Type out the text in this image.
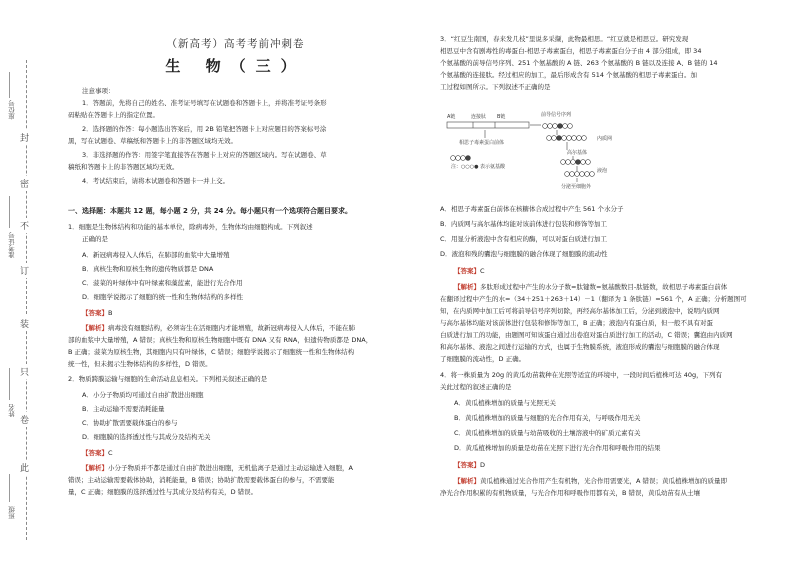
封
密
不
订
装
只
卷
此
座位号
准考证号
姓名
班级
（新高考）高考考前冲刺卷
生 物（三）
注意事项：
1．答题前，先将自己的姓名、准考证号填写在试题卷和答题卡上，并将准考证号条形
码粘贴在答题卡上的指定位置。
2．选择题的作答：每小题选出答案后，用 2B 铅笔把答题卡上对应题目的答案标号涂
黑，写在试题卷、草稿纸和答题卡上的非答题区域均无效。
3．非选择题的作答：用签字笔直接答在答题卡上对应的答题区域内。写在试题卷、草
稿纸和答题卡上的非答题区域均无效。
4．考试结束后，请将本试题卷和答题卡一并上交。
一、选择题：本题共 12 题，每小题 2 分，共 24 分。每小题只有一个选项符合题目要求。
1．细胞是生物体结构和功能的基本单位，除病毒外，生物体均由细胞构成。下列叙述
正确的是
A．新冠病毒侵入人体后，在肺部的血浆中大量增殖
B．真核生物和原核生物的遗传物质都是 DNA
C．菠菜的叶绿体中有叶绿素和藻蓝素，能进行光合作用
D．细胞学说揭示了细胞的统一性和生物体结构的多样性
【答案】B
【解析】病毒没有细胞结构，必须寄生在活细胞内才能增殖，故新冠病毒侵入人体后，不能在肺
部的血浆中大量增殖，A 错误；真核生物和原核生物细胞中既有 DNA 又有 RNA，但遗传物质都是 DNA，
B 正确；菠菜为原核生物，其细胞内只有叶绿体，C 错误；细胞学说揭示了细胞统一性和生物体结构
统一性，但未揭示生物体结构的多样性，D 错误。
2．物质跨膜运输与细胞的生命活动息息相关。下列相关叙述正确的是
A．小分子物质均可通过自由扩散进出细胞
B．主动运输不需要消耗能量
C．协助扩散需要载体蛋白的参与
D．细胞膜的选择透过性与其成分及结构无关
【答案】C
【解析】小分子物质并不都是通过自由扩散进出细胞，无机盐离子是通过主动运输进入细胞，A
错误；主动运输需要载体协助，消耗能量，B 错误；协助扩散需要载体蛋白的参与，不需要能
量，C 正确；细胞膜的选择透过性与其成分及结构有关，D 错误。
3．“红豆生南国，春来发几枝”里说多采撷，此物最相思。“红豆就是相思豆。研究发现
相思豆中含有剧毒性的毒蛋白-相思子毒素蛋白，相思子毒素蛋白分子由 4 部分组成，即 34
个氨基酸的前导信号序列、251 个氨基酸的 A 链、263 个氨基酸的 B 链以及连接 A、B 链的 14
个氨基酸的连接肽。经过相应的加工，最后形成含有 514 个氨基酸的相思子毒素蛋白。加
工过程如图所示。下列叙述不正确的是
A链	连接肽 B链	前导信号序列
相思子毒素蛋白前体
内质网
高尔基体
液泡
分泌至细胞外
注：○○○● 表示氨基酸
A．相思子毒素蛋白前体在核糖体合成过程中产生 561 个水分子
B．内质网与高尔基体均能对该前体进行包装和修饰等加工
C．用显分析液泡中含有相应的酶，可以对蛋白质进行加工
D．液泡和残的囊泡与细胞膜的融合体现了细胞膜的流动性
【答案】C
【解析】多肽形成过程中产生的水分子数=肽键数=氨基酸数目-肽链数，故相思子毒素蛋白前体
在翻译过程中产生的水=（34＋251＋263＋14）－1（翻译为 1 条肽链）=561 个，A 正确；分析题图可
知，在内质网中加工后可将前导信号序列切除，再经高尔基体加工后，分泌到液泡中，说明内质网
与高尔基体均能对该前体进行包装和修饰等加工，B 正确；液泡内有蛋白质，但一般不具有对蛋
白质进行加工的功能，由题图可知该蛋白通过出卷泡对蛋白质进行加工的活动，C 错误；囊泡由内质网
和高尔基体、液泡之间进行运输的方式，也属于生物膜系统，液泡形成的囊泡与细胞膜的融合体现
了细胞膜的流动性，D 正确。
4．将一株质量为 20g 的黄瓜幼苗栽种在光照等适宜的环境中，一段时间后植株可达 40g，下列有
关此过程的叙述正确的是
A．黄瓜植株增加的质量与光照无关
B．黄瓜植株增加的质量与细胞的光合作用有关，与呼吸作用无关
C．黄瓜植株增加的质量与幼苗吸收的土壤溶液中的矿质元素有关
D．黄瓜植株增加的质量是幼苗在光照下进行光合作用和呼吸作用的结果
【答案】D
【解析】黄瓜植株通过光合作用产生有机物，光合作用需要光，A 错误；黄瓜植株增加的质量即
净光合作用积累的有机物质量，与光合作用和呼吸作用都有关，B 错误，黄瓜幼苗有从土壤
